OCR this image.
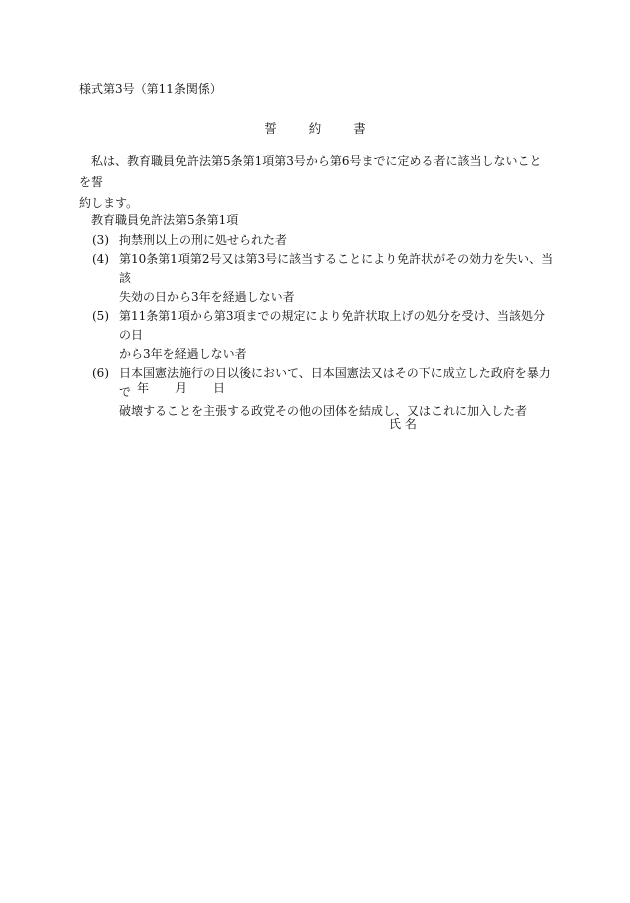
様式第3号（第11条関係）
誓	約	書

私は、教育職員免許法第5条第1項第3号から第6号までに定める者に該当しないことを誓

約します。

教育職員免許法第5条第1項
(3) 拘禁刑以上の刑に処せられた者
(4) 第10条第1項第2号又は第3号に該当することにより免許状がその効力を失い、当該
失効の日から3年を経過しない者
(5) 第11条第1項から第3項までの規定により免許状取上げの処分を受け、当該処分の日
から3年を経過しない者
(6) 日本国憲法施行の日以後において、日本国憲法又はその下に成立した政府を暴力で
破壊することを主張する政党その他の団体を結成し、又はこれに加入した者
年 月 日
氏 名
